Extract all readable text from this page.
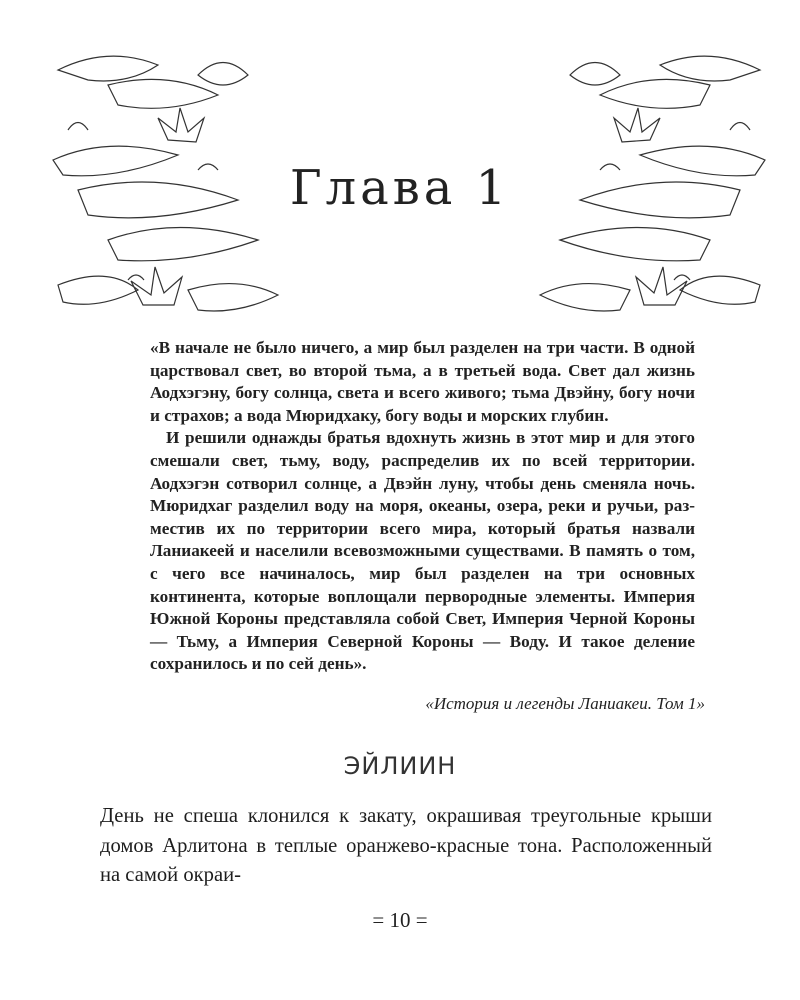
Глава 1

«В начале не было ничего, а мир был разделен на три части. В одной царствовал свет, во второй тьма, а в третьей вода. Свет дал жизнь Аодхэгэну, богу солнца, света и всего живого; тьма Двэйну, богу ночи и страхов; а вода Мюридхаку, богу воды и морских глубин.

И решили однажды братья вдохнуть жизнь в этот мир и для этого смешали свет, тьму, воду, распределив их по всей территории. Аодхэгэн сотворил солнце, а Двэйн луну, чтобы день сменяла ночь. Мюридхаг разделил воду на моря, океаны, озера, реки и ручьи, разместив их по территории всего мира, который братья назвали Ланиакеей и населили всевозможными существами. В память о том, с чего все начиналось, мир был разделен на три основных континента, которые воплощали первородные элементы. Империя Южной Короны представляла собой Свет, Империя Черной Короны — Тьму, а Империя Северной Короны — Воду. И такое деление сохранилось и по сей день».

«История и легенды Ланиакеи. Том 1»
ЭЙЛИИН

День не спеша клонился к закату, окрашивая треугольные крыши домов Арлитона в теплые оранжево-красные тона. Расположенный на самой окраи-

= 10 =
